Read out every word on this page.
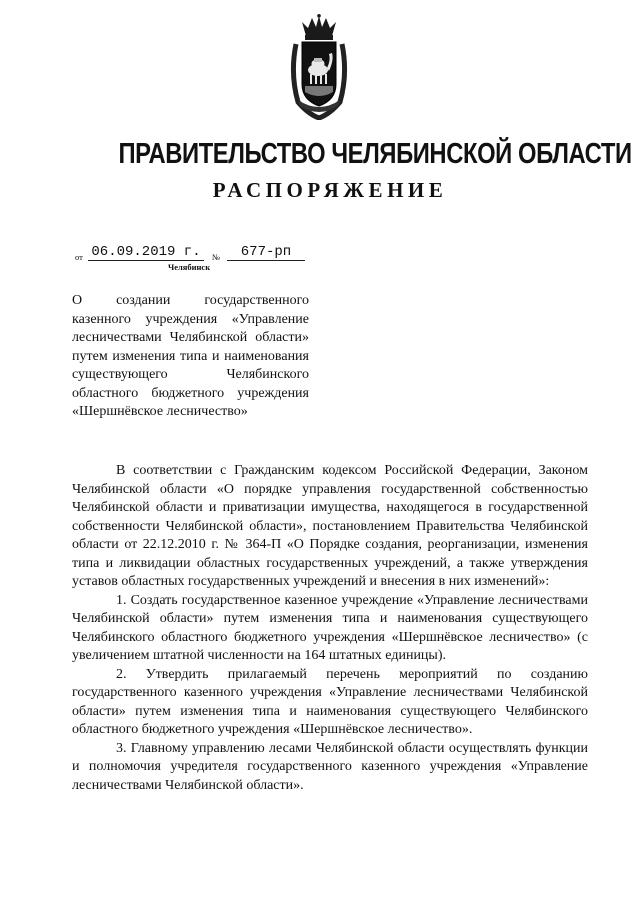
ПРАВИТЕЛЬСТВО ЧЕЛЯБИНСКОЙ ОБЛАСТИ
РАСПОРЯЖЕНИЕ
от 06.09.2019 г.	№	677-рп
Челябинск
О создании государственного казенного учреждения «Управление лесничествами Челябинской области» путем изменения типа и наименования существующего Челябинского областного бюджетного учреждения «Шершнёвское лесничество»

В соответствии с Гражданским кодексом Российской Федерации, Законом Челябинской области «О порядке управления государственной собственностью Челябинской области и приватизации имущества, находящегося в государственной собственности Челябинской области», постановлением Правительства Челябинской области от 22.12.2010 г. № 364-П «О Порядке создания, реорганизации, изменения типа и ликвидации областных государственных учреждений, а также утверждения уставов областных государственных учреждений и внесения в них изменений»:

1. Создать государственное казенное учреждение «Управление лесничествами Челябинской области» путем изменения типа и наименования существующего Челябинского областного бюджетного учреждения «Шершнёвское лесничество» (с увеличением штатной численности на 164 штатных единицы).

2. Утвердить прилагаемый перечень мероприятий по созданию государственного казенного учреждения «Управление лесничествами Челябинской области» путем изменения типа и наименования существующего Челябинского областного бюджетного учреждения «Шершнёвское лесничество».

3. Главному управлению лесами Челябинской области осуществлять функции и полномочия учредителя государственного казенного учреждения «Управление лесничествами Челябинской области».
